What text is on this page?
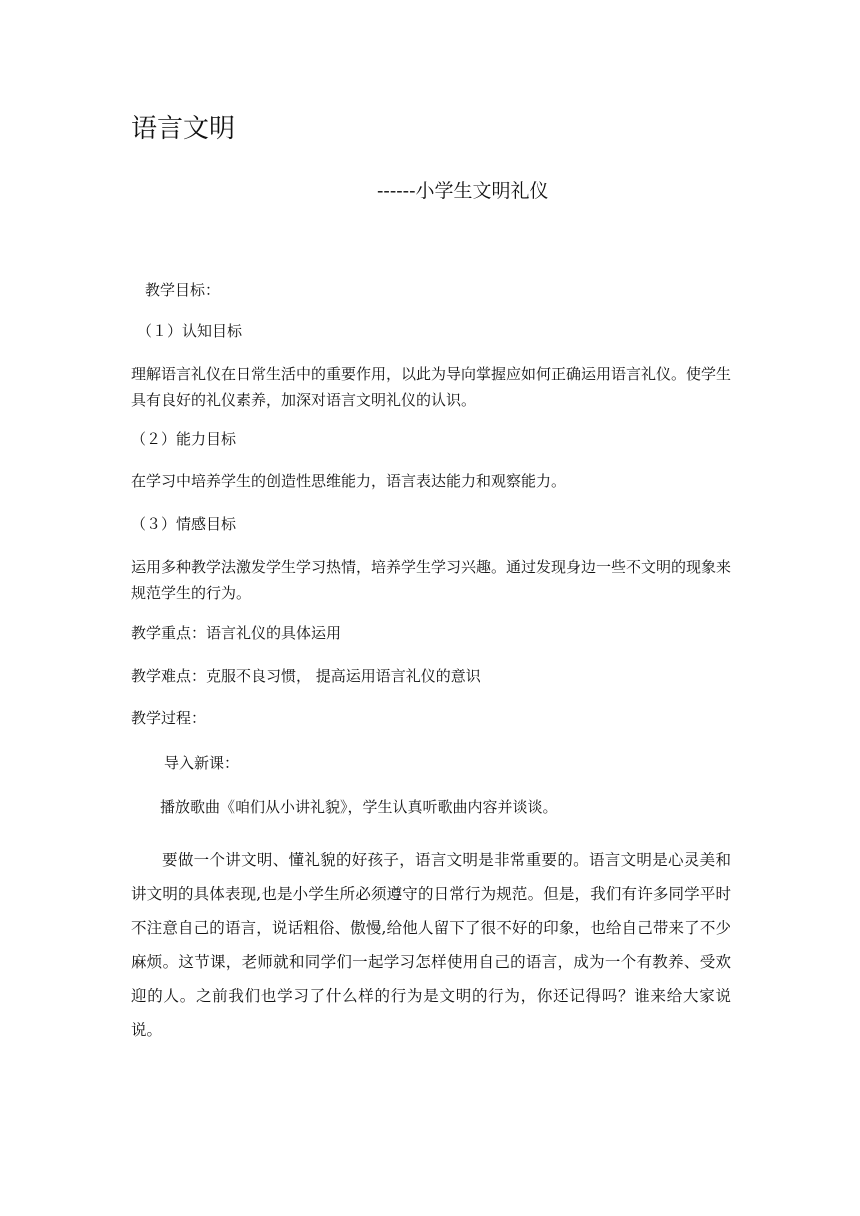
语言文明
------小学生文明礼仪
教学目标：
（１）认知目标
理解语言礼仪在日常生活中的重要作用，以此为导向掌握应如何正确运用语言礼仪。使学生具有良好的礼仪素养，加深对语言文明礼仪的认识。
（２）能力目标
在学习中培养学生的创造性思维能力，语言表达能力和观察能力。
（３）情感目标
运用多种教学法激发学生学习热情，培养学生学习兴趣。通过发现身边一些不文明的现象来规范学生的行为。
教学重点：语言礼仪的具体运用
教学难点：克服不良习惯， 提高运用语言礼仪的意识
教学过程：
导入新课：
播放歌曲《咱们从小讲礼貌》，学生认真听歌曲内容并谈谈。
要做一个讲文明、懂礼貌的好孩子，语言文明是非常重要的。语言文明是心灵美和讲文明的具体表现,也是小学生所必须遵守的日常行为规范。但是，我们有许多同学平时不注意自己的语言，说话粗俗、傲慢,给他人留下了很不好的印象，也给自己带来了不少麻烦。这节课，老师就和同学们一起学习怎样使用自己的语言，成为一个有教养、受欢迎的人。之前我们也学习了什么样的行为是文明的行为，你还记得吗？谁来给大家说说。
